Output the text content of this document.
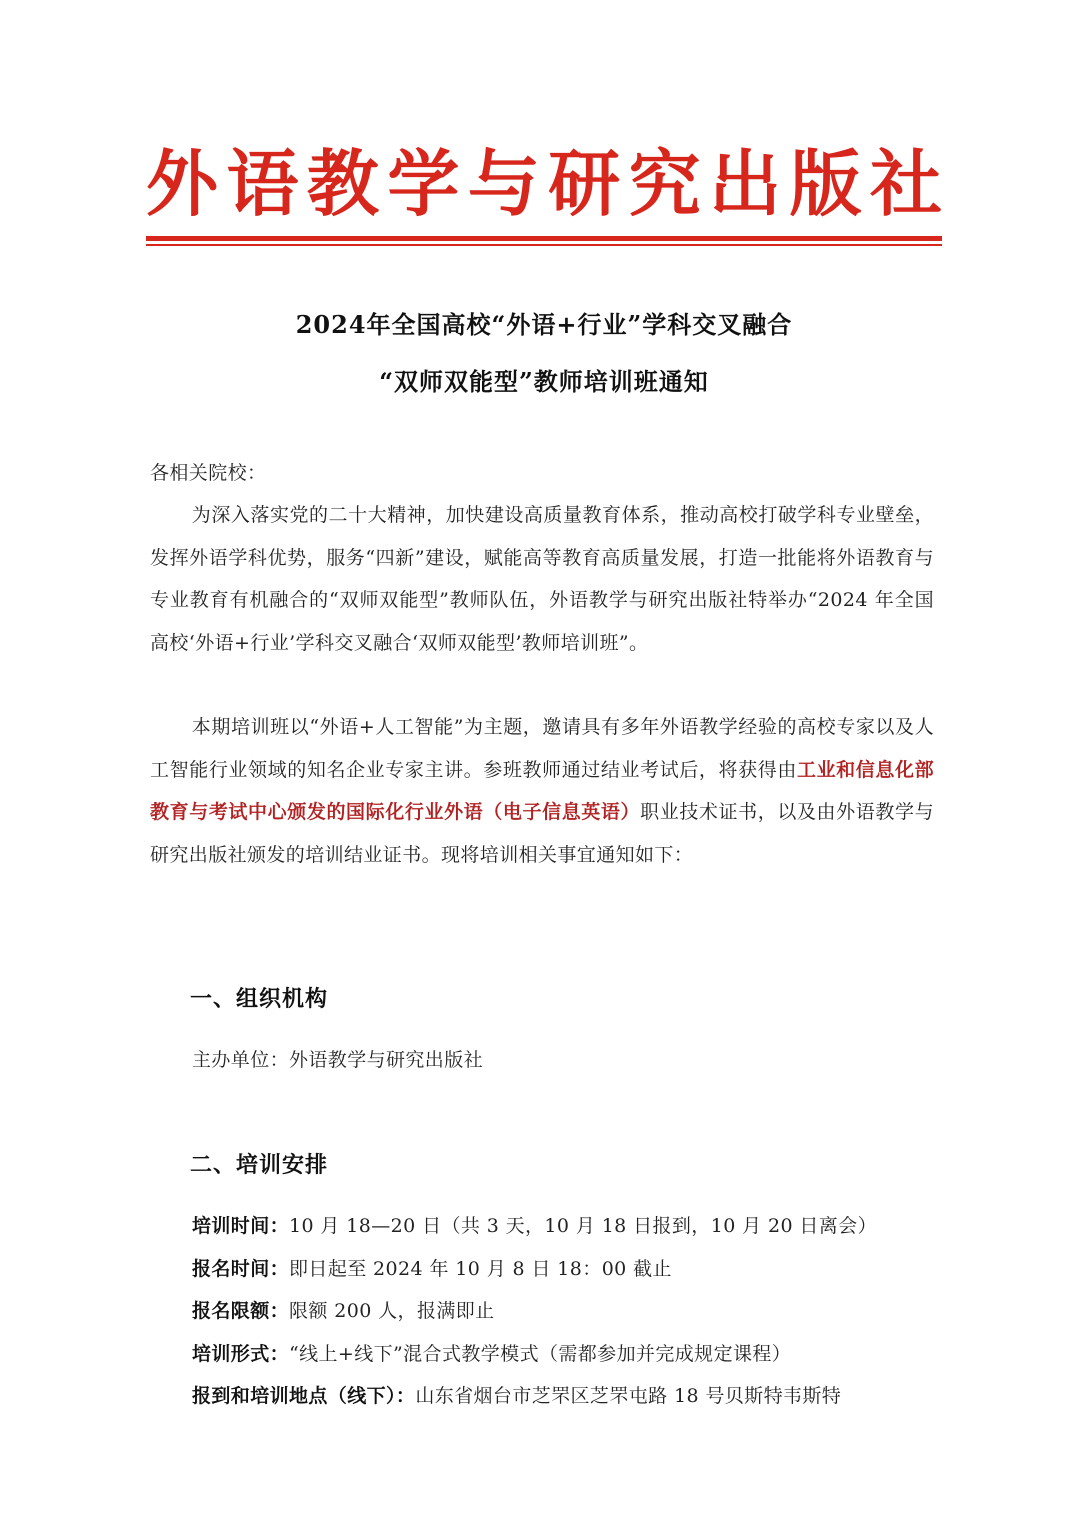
外 语 教 学 与 研 究 出 版 社
2024年全国高校“外语+行业”学科交叉融合
“双师双能型”教师培训班通知
各相关院校：
为深入落实党的二十大精神，加快建设高质量教育体系，推动高校打破学科专业壁垒，发挥外语学科优势，服务“四新”建设，赋能高等教育高质量发展，打造一批能将外语教育与专业教育有机融合的“双师双能型”教师队伍，外语教学与研究出版社特举办“2024 年全国高校‘外语+行业’学科交叉融合‘双师双能型’教师培训班”。
本期培训班以“外语+人工智能”为主题，邀请具有多年外语教学经验的高校专家以及人工智能行业领域的知名企业专家主讲。参班教师通过结业考试后，将获得由工业和信息化部教育与考试中心颁发的国际化行业外语（电子信息英语）职业技术证书，以及由外语教学与研究出版社颁发的培训结业证书。现将培训相关事宜通知如下：
一、组织机构
主办单位：外语教学与研究出版社
二、培训安排
培训时间：10 月 18—20 日（共 3 天，10 月 18 日报到，10 月 20 日离会）
报名时间：即日起至 2024 年 10 月 8 日 18：00 截止
报名限额：限额 200 人，报满即止
培训形式：“线上+线下”混合式教学模式（需都参加并完成规定课程）
报到和培训地点（线下）：山东省烟台市芝罘区芝罘屯路 18 号贝斯特韦斯特
